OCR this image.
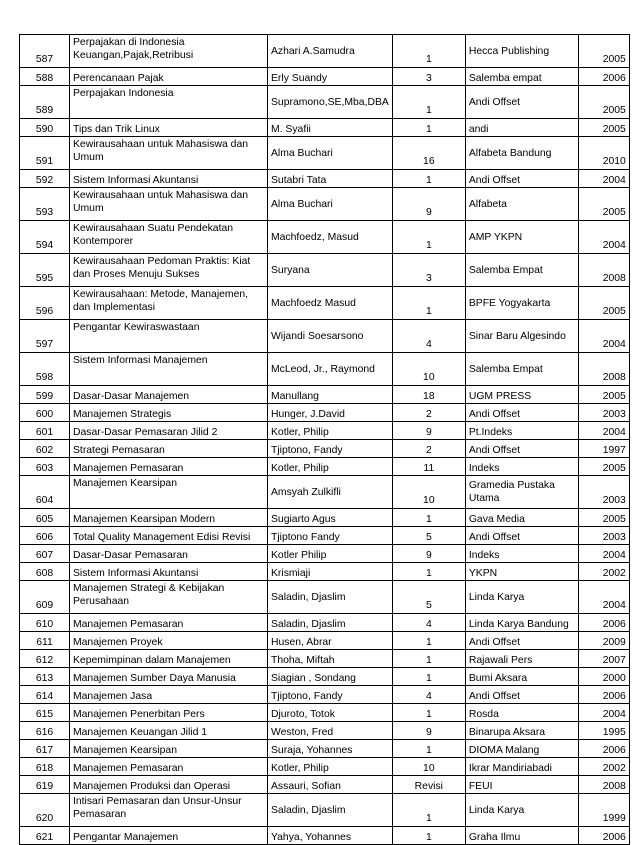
587	Perpajakan di Indonesia Keuangan,Pajak,Retribusi	Azhari A.Samudra	1	Hecca Publishing	2005
588	Perencanaan Pajak	Erly Suandy	3	Salemba empat	2006
589	Perpajakan Indonesia	Supramono,SE,Mba,DBA	1	Andi Offset	2005
590	Tips dan Trik Linux	M. Syafii	1	andi	2005
591	Kewirausahaan untuk Mahasiswa dan Umum	Alma Buchari	16	Alfabeta Bandung	2010
592	Sistem Informasi Akuntansi	Sutabri Tata	1	Andi Offset	2004
593	Kewirausahaan untuk Mahasiswa dan Umum	Alma Buchari	9	Alfabeta	2005
594	Kewirausahaan Suatu Pendekatan Kontemporer	Machfoedz, Masud	1	AMP YKPN	2004
595	Kewirausahaan Pedoman Praktis: Kiat dan Proses Menuju Sukses	Suryana	3	Salemba Empat	2008
596	Kewirausahaan: Metode, Manajemen, dan Implementasi	Machfoedz Masud	1	BPFE Yogyakarta	2005
597	Pengantar Kewiraswastaan	Wijandi Soesarsono	4	Sinar Baru Algesindo	2004
598	Sistem Informasi Manajemen	McLeod, Jr., Raymond	10	Salemba Empat	2008
599	Dasar-Dasar Manajemen	Manullang	18	UGM PRESS	2005
600	Manajemen Strategis	Hunger, J.David	2	Andi Offset	2003
601	Dasar-Dasar Pemasaran Jilid 2	Kotler, Philip	9	Pt.Indeks	2004
602	Strategi Pemasaran	Tjiptono, Fandy	2	Andi Offset	1997
603	Manajemen Pemasaran	Kotler, Philip	11	Indeks	2005
604	Manajemen Kearsipan	Amsyah Zulkifli	10	Gramedia Pustaka Utama	2003
605	Manajemen Kearsipan Modern	Sugiarto Agus	1	Gava Media	2005
606	Total Quality Management Edisi Revisi	Tjiptono Fandy	5	Andi Offset	2003
607	Dasar-Dasar Pemasaran	Kotler Philip	9	Indeks	2004
608	Sistem Informasi Akuntansi	Krismiaji	1	YKPN	2002
609	Manajemen Strategi & Kebijakan Perusahaan	Saladin, Djaslim	5	Linda Karya	2004
610	Manajemen Pemasaran	Saladin, Djaslim	4	Linda Karya Bandung	2006
611	Manajemen Proyek	Husen, Abrar	1	Andi Offset	2009
612	Kepemimpinan dalam Manajemen	Thoha, Miftah	1	Rajawali Pers	2007
613	Manajemen Sumber Daya Manusia	Siagian , Sondang	1	Bumi Aksara	2000
614	Manajemen Jasa	Tjiptono, Fandy	4	Andi Offset	2006
615	Manajemen Penerbitan Pers	Djuroto, Totok	1	Rosda	2004
616	Manajemen Keuangan Jilid 1	Weston, Fred	9	Binarupa Aksara	1995
617	Manajemen Kearsipan	Suraja, Yohannes	1	DIOMA Malang	2006
618	Manajemen Pemasaran	Kotler, Philip	10	Ikrar Mandiriabadi	2002
619	Manajemen Produksi dan Operasi	Assauri, Sofian	Revisi	FEUI	2008
620	Intisari Pemasaran dan Unsur-Unsur Pemasaran	Saladin, Djaslim	1	Linda Karya	1999
621	Pengantar Manajemen	Yahya, Yohannes	1	Graha Ilmu	2006
